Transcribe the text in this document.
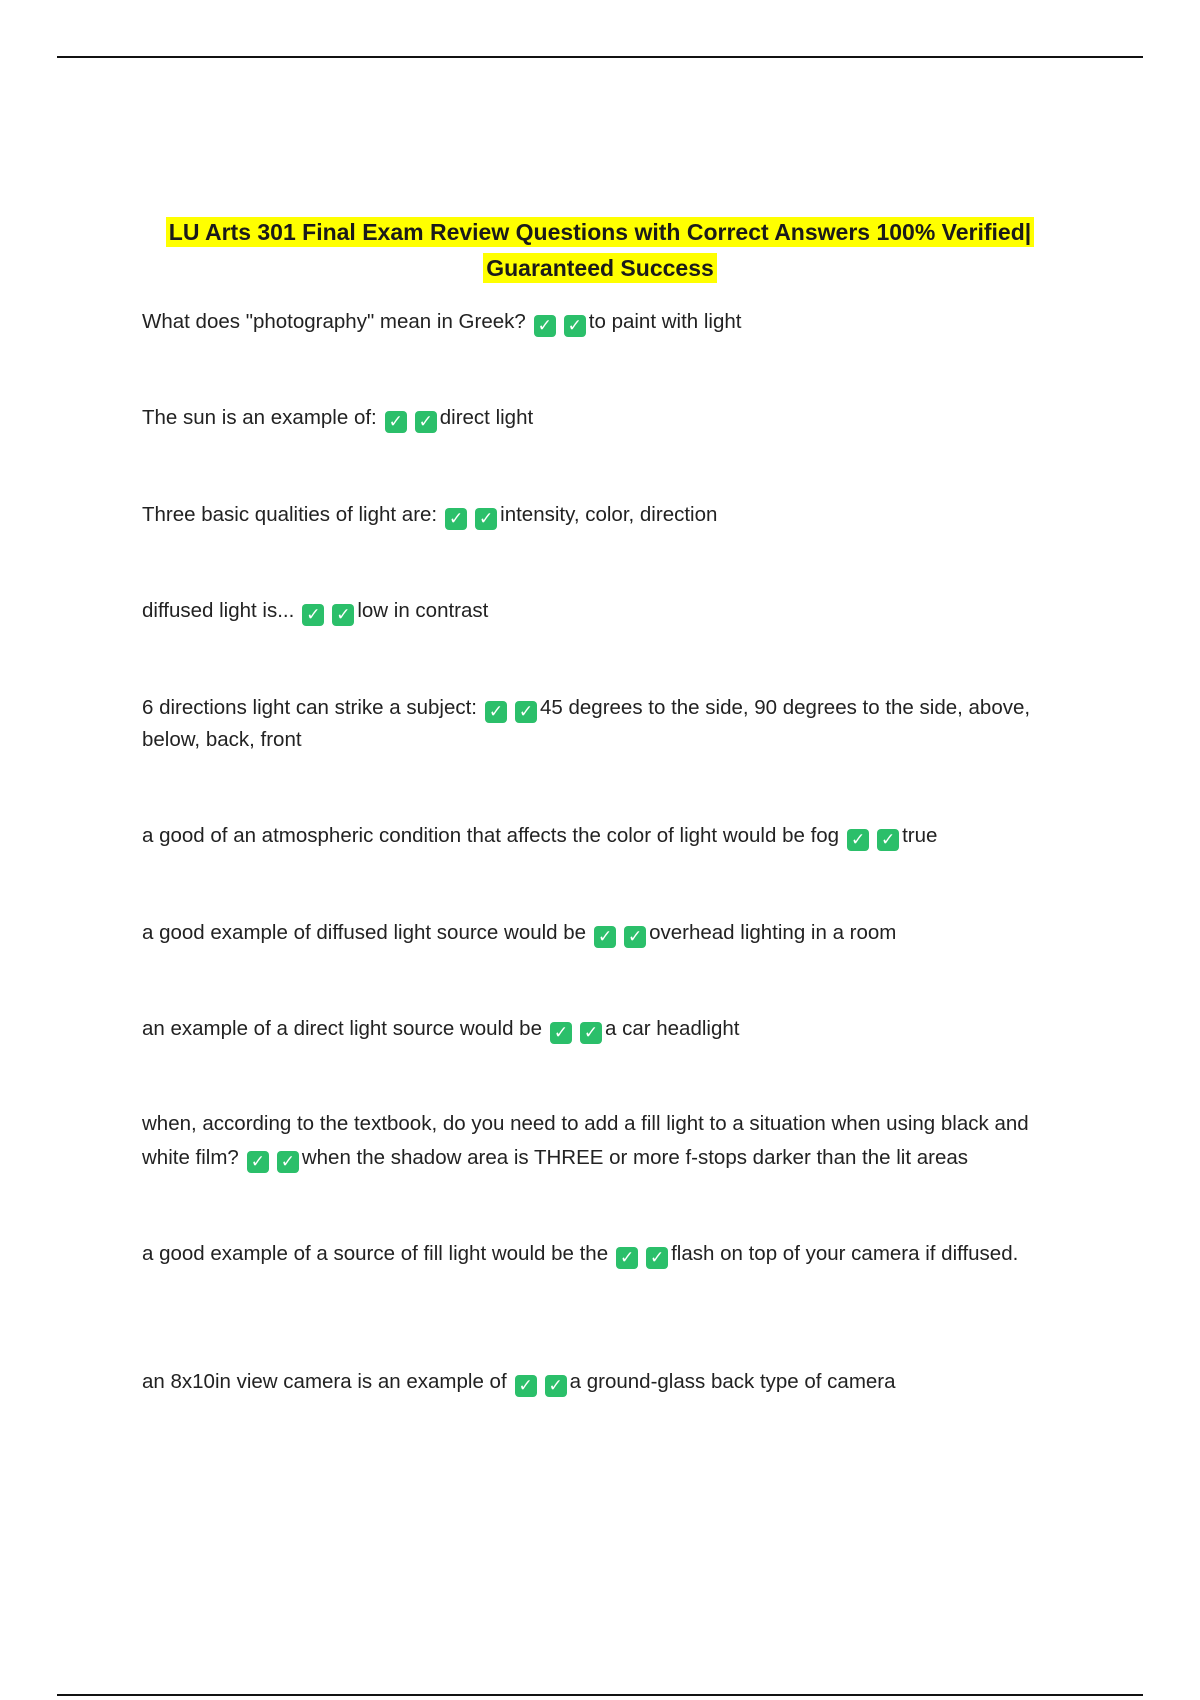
LU Arts 301 Final Exam Review Questions with Correct Answers 100% Verified|
Guaranteed Success
What does "photography" mean in Greek? ✓ ✓ to paint with light
The sun is an example of: ✓ ✓ direct light
Three basic qualities of light are: ✓ ✓ intensity, color, direction
diffused light is... ✓ ✓ low in contrast
6 directions light can strike a subject: ✓ ✓ 45 degrees to the side, 90 degrees to the side, above, below, back, front
a good of an atmospheric condition that affects the color of light would be fog ✓ ✓ true
a good example of diffused light source would be ✓ ✓ overhead lighting in a room
an example of a direct light source would be ✓ ✓ a car headlight
when, according to the textbook, do you need to add a fill light to a situation when using black and white film? ✓ ✓ when the shadow area is THREE or more f-stops darker than the lit areas
a good example of a source of fill light would be the ✓ ✓ flash on top of your camera if diffused.
an 8x10in view camera is an example of ✓ ✓ a ground-glass back type of camera
